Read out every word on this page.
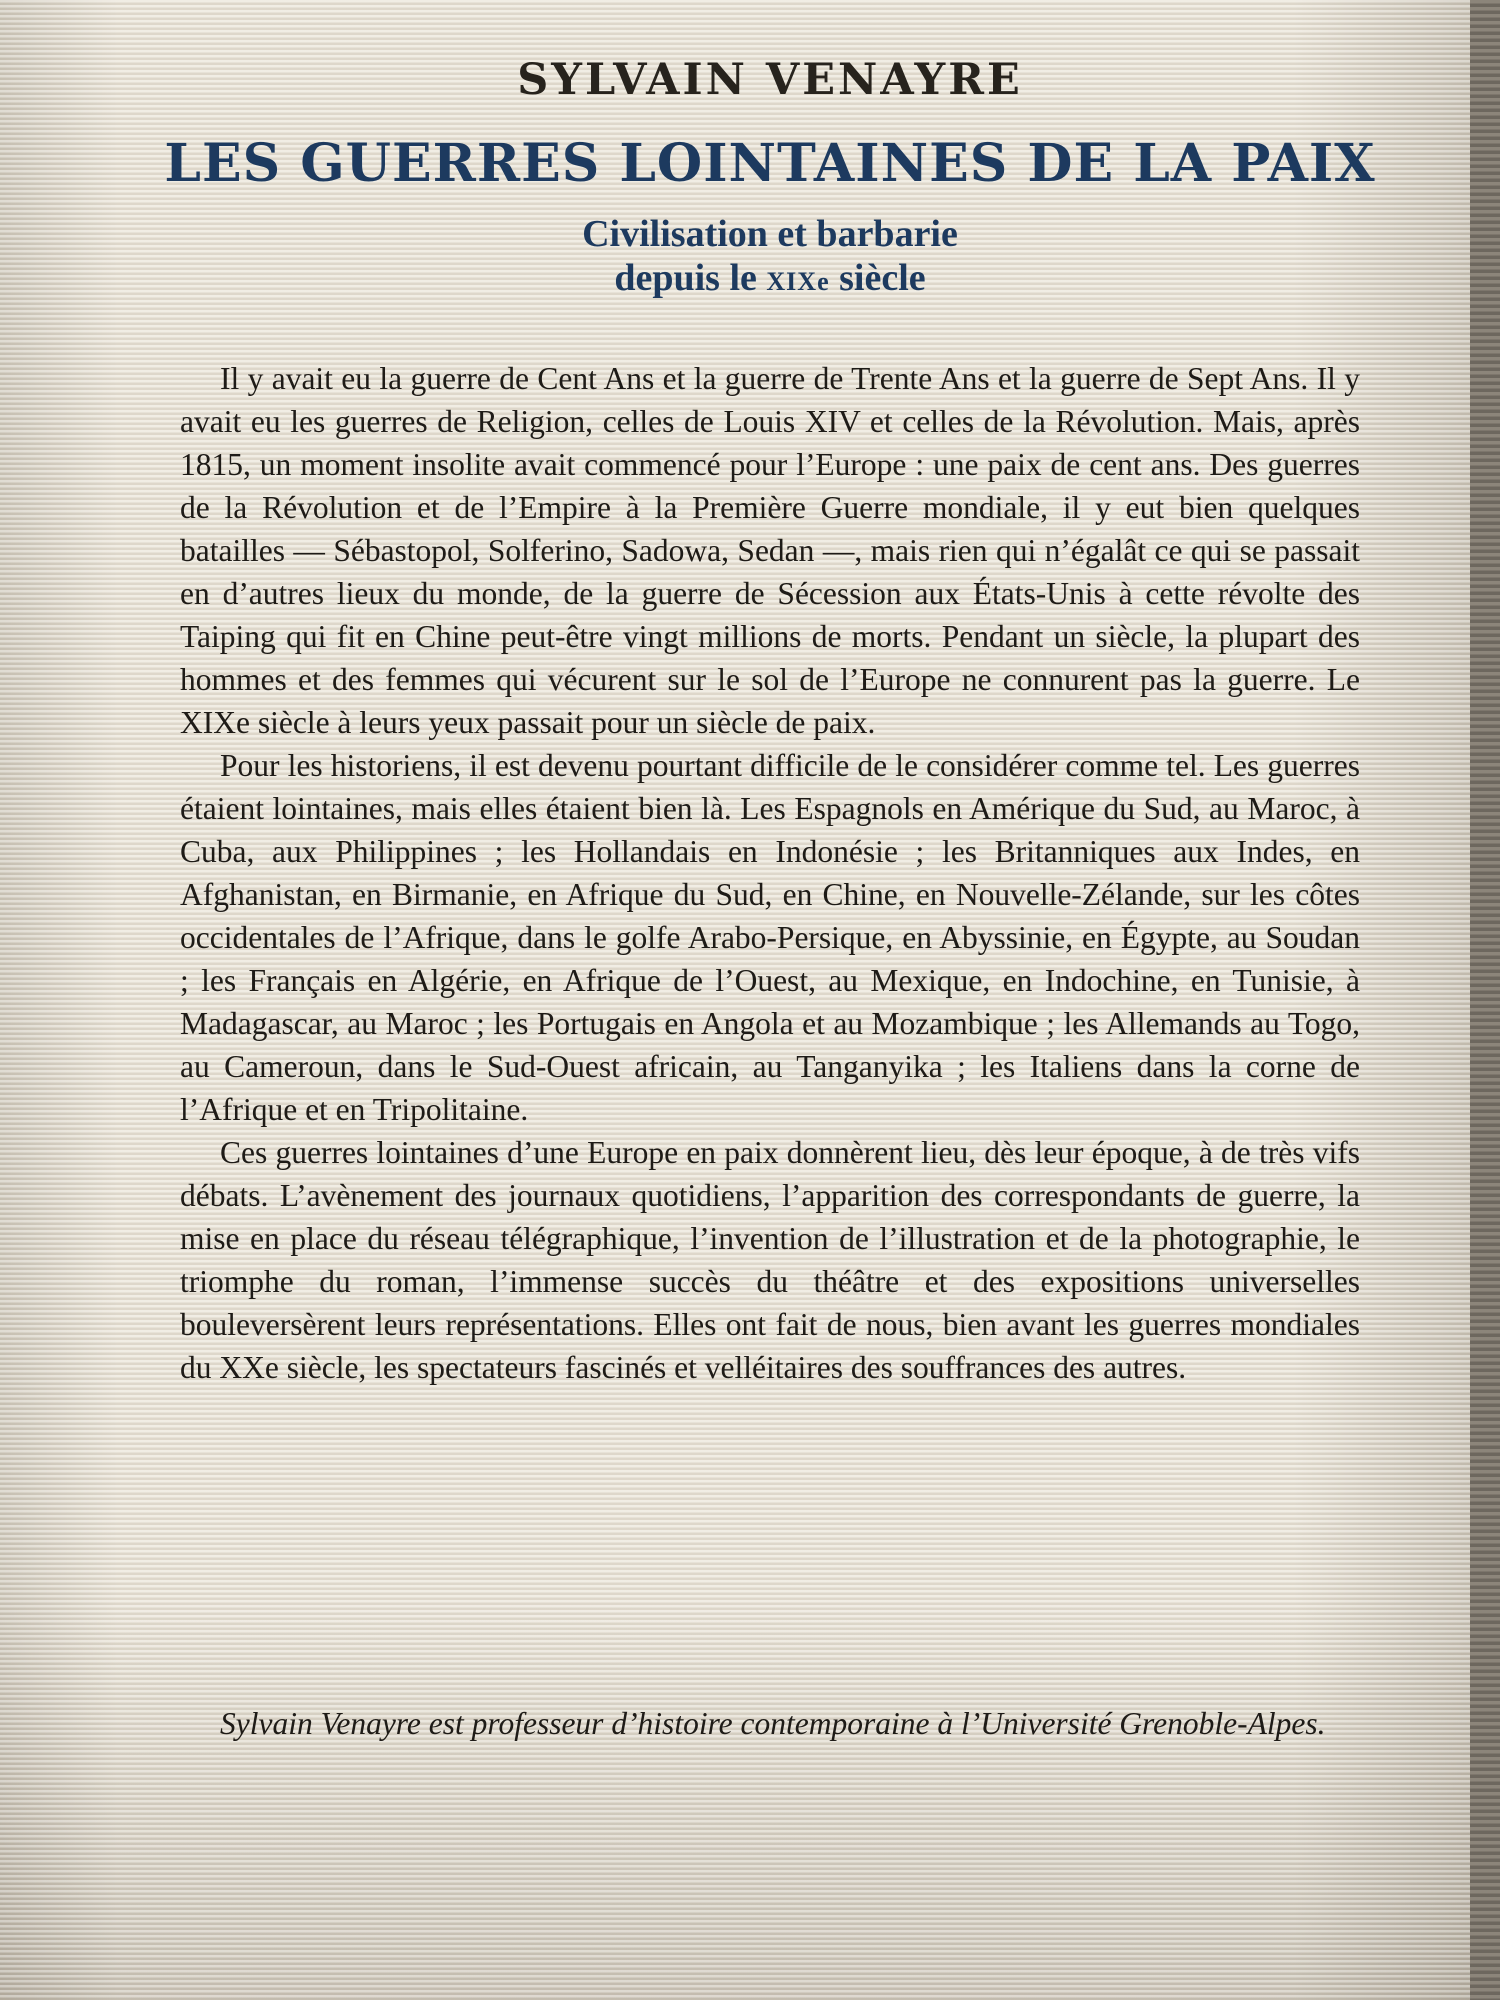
SYLVAIN VENAYRE
LES GUERRES LOINTAINES DE LA PAIX
Civilisation et barbarie
depuis le XIXe siècle

Il y avait eu la guerre de Cent Ans et la guerre de Trente Ans et la guerre de Sept Ans. Il y avait eu les guerres de Religion, celles de Louis XIV et celles de la Révolution. Mais, après 1815, un moment insolite avait commencé pour l’Europe : une paix de cent ans. Des guerres de la Révolution et de l’Empire à la Première Guerre mondiale, il y eut bien quelques batailles — Sébastopol, Solferino, Sadowa, Sedan —, mais rien qui n’égalât ce qui se passait en d’autres lieux du monde, de la guerre de Sécession aux États-Unis à cette révolte des Taiping qui fit en Chine peut-être vingt millions de morts. Pendant un siècle, la plupart des hommes et des femmes qui vécurent sur le sol de l’Europe ne connurent pas la guerre. Le XIXe siècle à leurs yeux passait pour un siècle de paix.

Pour les historiens, il est devenu pourtant difficile de le considérer comme tel. Les guerres étaient lointaines, mais elles étaient bien là. Les Espagnols en Amérique du Sud, au Maroc, à Cuba, aux Philippines ; les Hollandais en Indonésie ; les Britanniques aux Indes, en Afghanistan, en Birmanie, en Afrique du Sud, en Chine, en Nouvelle-Zélande, sur les côtes occidentales de l’Afrique, dans le golfe Arabo-Persique, en Abyssinie, en Égypte, au Soudan ; les Français en Algérie, en Afrique de l’Ouest, au Mexique, en Indochine, en Tunisie, à Madagascar, au Maroc ; les Portugais en Angola et au Mozambique ; les Allemands au Togo, au Cameroun, dans le Sud-Ouest africain, au Tanganyika ; les Italiens dans la corne de l’Afrique et en Tripolitaine.

Ces guerres lointaines d’une Europe en paix donnèrent lieu, dès leur époque, à de très vifs débats. L’avènement des journaux quotidiens, l’apparition des correspondants de guerre, la mise en place du réseau télégraphique, l’invention de l’illustration et de la photographie, le triomphe du roman, l’immense succès du théâtre et des expositions universelles bouleversèrent leurs représentations. Elles ont fait de nous, bien avant les guerres mondiales du XXe siècle, les spectateurs fascinés et velléitaires des souffrances des autres.

Sylvain Venayre est professeur d’histoire contemporaine à l’Université Grenoble-Alpes.
